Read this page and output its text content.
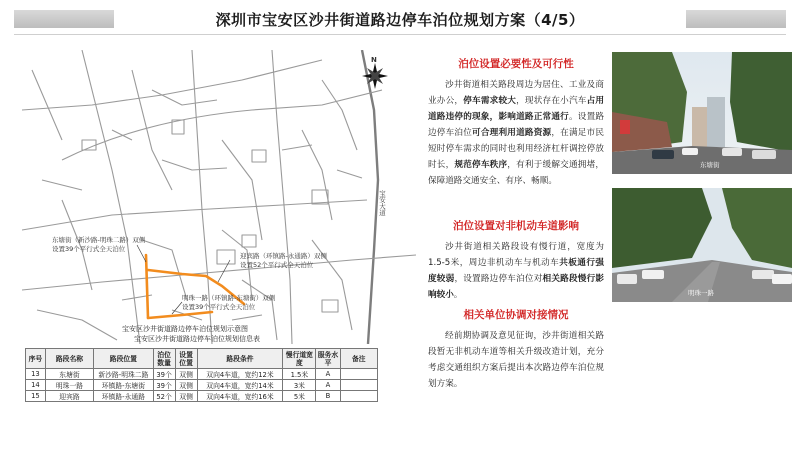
深圳市宝安区沙井街道路边停车泊位规划方案（4/5）
N
宝安大道
东塘街（新沙路-明珠二路）双侧
设置39个平行式全天泊位
迎宾路（环镇路-永通路）双侧
设置52个平行式全天泊位
明珠一路（环镇路-东塘街）双侧
设置39个平行式全天泊位
宝安区沙井街道路边停车泊位规划示意图
宝安区沙井街道路边停车泊位规划信息表
序号	路段名称	路段位置	泊位数量	设置位置	路段条件	慢行道宽度	服务水平	备注
13	东塘街	新沙路-明珠二路	39个	双侧	双向4车道，宽约12米	1.5米	A	
14	明珠一路	环镇路-东塘街	39个	双侧	双向4车道，宽约14米	3米	A	
15	迎宾路	环镇路-永通路	52个	双侧	双向4车道，宽约16米	5米	B	
泊位设置必要性及可行性
沙井街道相关路段周边为居住、工业及商业办公，停车需求较大，现状存在小汽车占用道路违停的现象，影响道路正常通行。设置路边停车泊位可合理利用道路资源，在满足市民短时停车需求的同时也利用经济杠杆调控停放时长，规范停车秩序，有利于缓解交通拥堵，保障道路交通安全、有序、畅顺。
泊位设置对非机动车道影响
沙井街道相关路段设有慢行道，宽度为1.5-5米，周边非机动车与机动车共板通行强度较弱，设置路边停车泊位对相关路段慢行影响较小。
相关单位协调对接情况
经前期协调及意见征询，沙井街道相关路段暂无非机动车道等相关升级改造计划，充分考虑交通组织方案后提出本次路边停车泊位规划方案。
东塘街
明珠一路
